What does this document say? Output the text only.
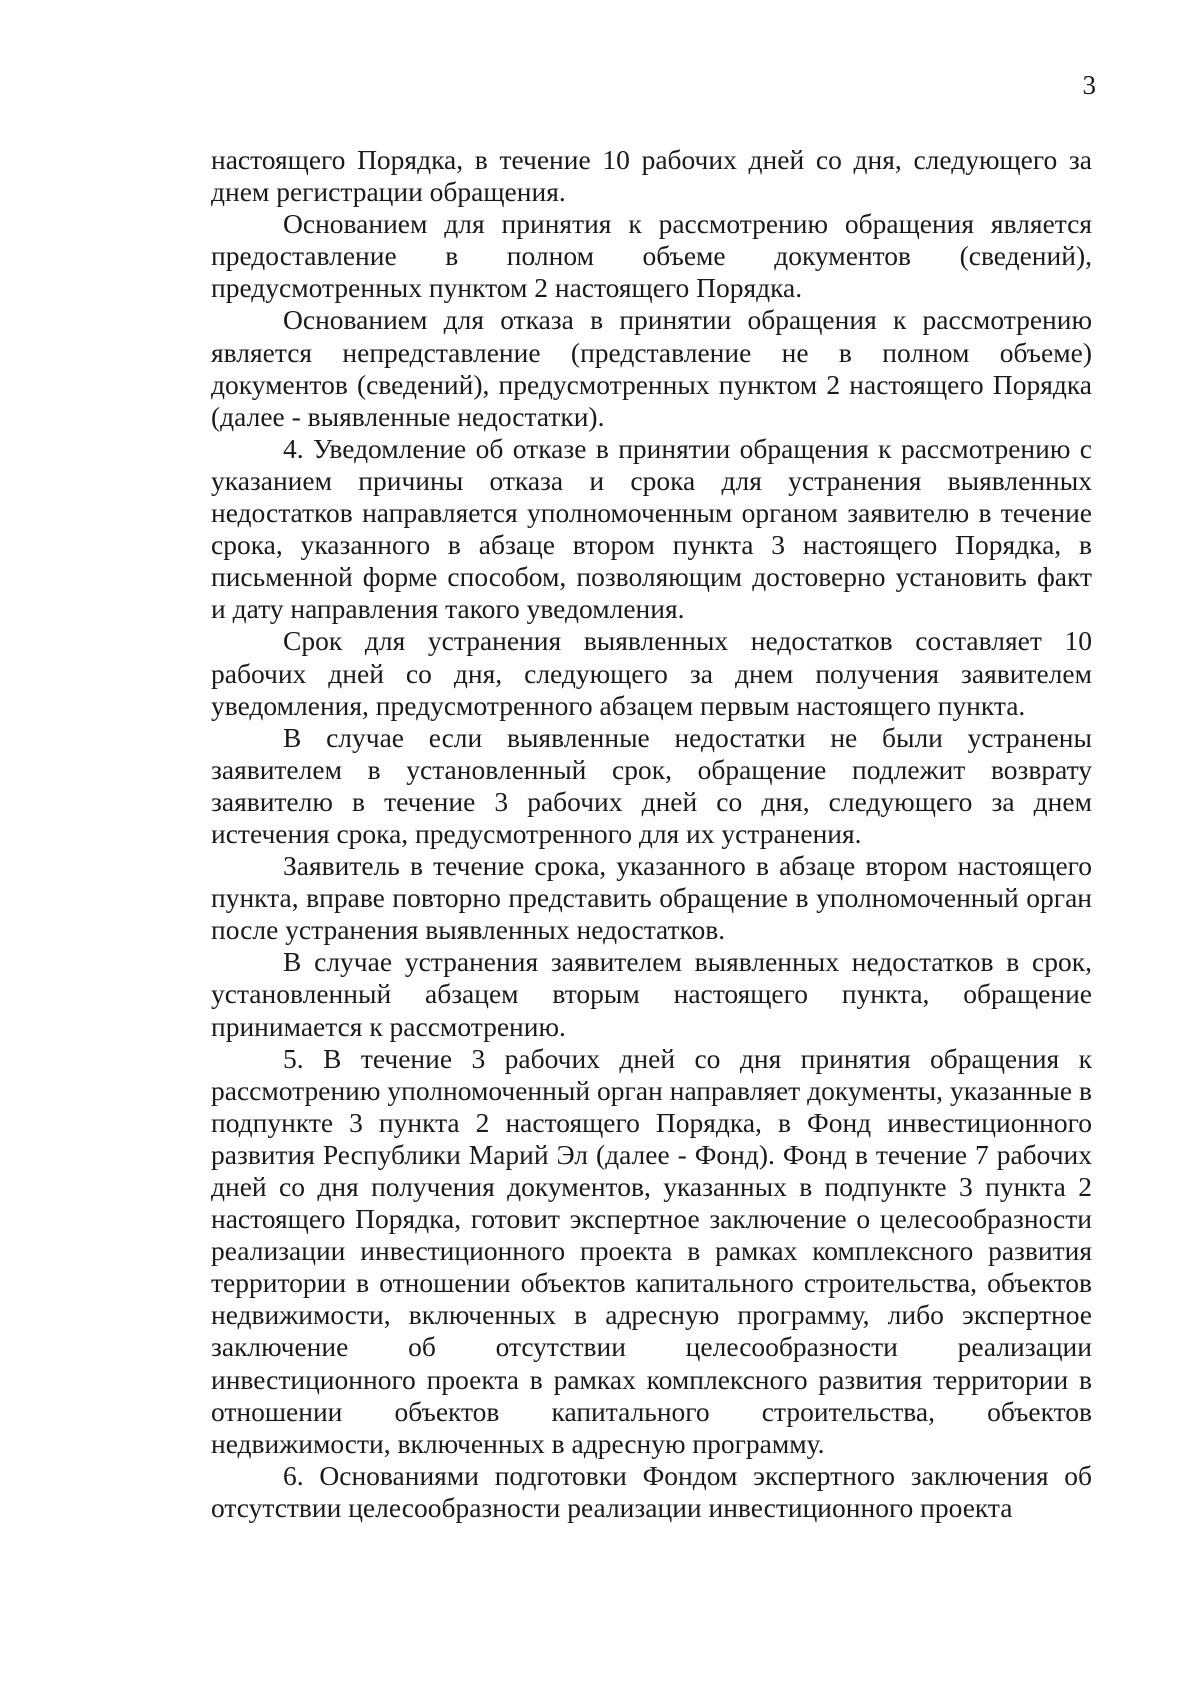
3

настоящего Порядка, в течение 10 рабочих дней со дня, следующего за днем регистрации обращения.

Основанием для принятия к рассмотрению обращения является предоставление в полном объеме документов (сведений), предусмотренных пунктом 2 настоящего Порядка.

Основанием для отказа в принятии обращения к рассмотрению является непредставление (представление не в полном объеме) документов (сведений), предусмотренных пунктом 2 настоящего Порядка (далее - выявленные недостатки).

4. Уведомление об отказе в принятии обращения к рассмотрению с указанием причины отказа и срока для устранения выявленных недостатков направляется уполномоченным органом заявителю в течение срока, указанного в абзаце втором пункта 3 настоящего Порядка, в письменной форме способом, позволяющим достоверно установить факт и дату направления такого уведомления.

Срок для устранения выявленных недостатков составляет 10 рабочих дней со дня, следующего за днем получения заявителем уведомления, предусмотренного абзацем первым настоящего пункта.

В случае если выявленные недостатки не были устранены заявителем в установленный срок, обращение подлежит возврату заявителю в течение 3 рабочих дней со дня, следующего за днем истечения срока, предусмотренного для их устранения.

Заявитель в течение срока, указанного в абзаце втором настоящего пункта, вправе повторно представить обращение в уполномоченный орган после устранения выявленных недостатков.

В случае устранения заявителем выявленных недостатков в срок, установленный абзацем вторым настоящего пункта, обращение принимается к рассмотрению.

5. В течение 3 рабочих дней со дня принятия обращения к рассмотрению уполномоченный орган направляет документы, указанные в подпункте 3 пункта 2 настоящего Порядка, в Фонд инвестиционного развития Республики Марий Эл (далее - Фонд). Фонд в течение 7 рабочих дней со дня получения документов, указанных в подпункте 3 пункта 2 настоящего Порядка, готовит экспертное заключение о целесообразности реализации инвестиционного проекта в рамках комплексного развития территории в отношении объектов капитального строительства, объектов недвижимости, включенных в адресную программу, либо экспертное заключение об отсутствии целесообразности реализации инвестиционного проекта в рамках комплексного развития территории в отношении объектов капитального строительства, объектов недвижимости, включенных в адресную программу.

6. Основаниями подготовки Фондом экспертного заключения об отсутствии целесообразности реализации инвестиционного проекта
